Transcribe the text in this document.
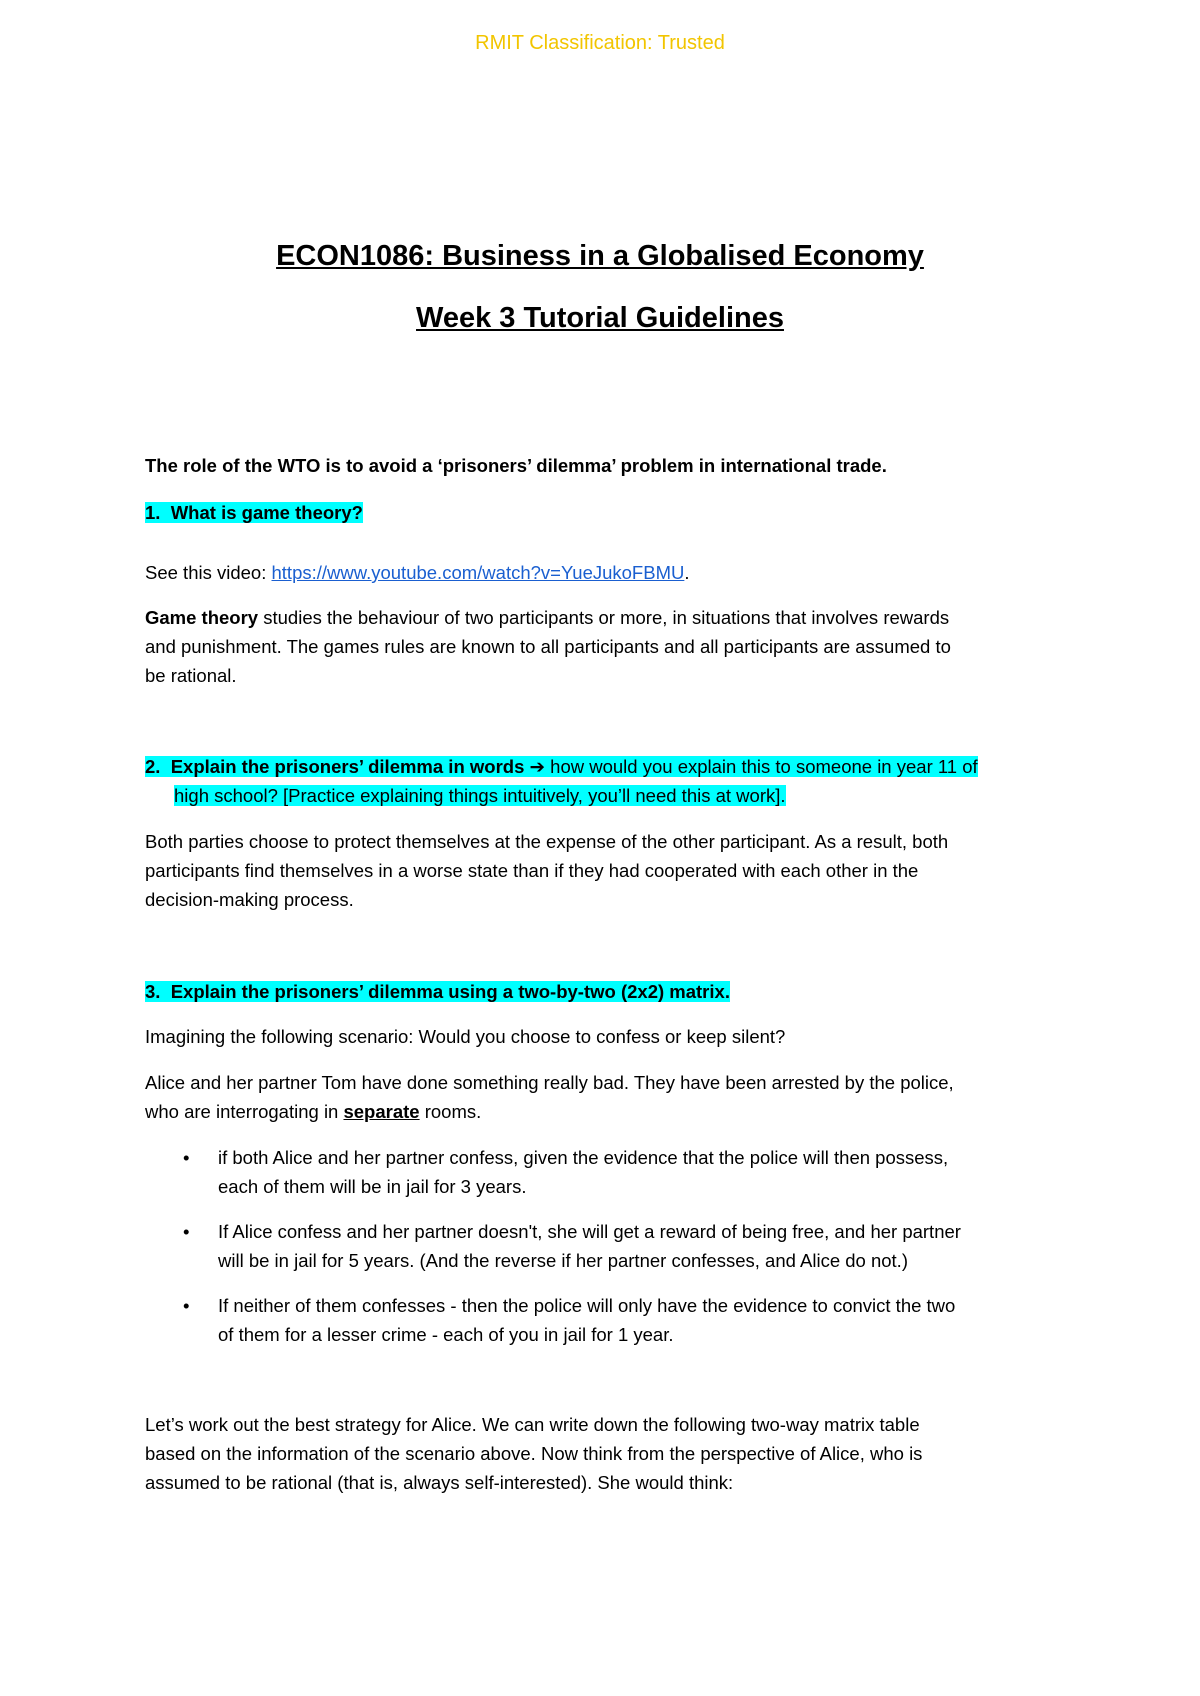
RMIT Classification: Trusted
ECON1086: Business in a Globalised Economy
Week 3 Tutorial Guidelines
The role of the WTO is to avoid a ‘prisoners’ dilemma’ problem in international trade.
1. What is game theory?
See this video: https://www.youtube.com/watch?v=YueJukoFBMU.
Game theory studies the behaviour of two participants or more, in situations that involves rewards
and punishment. The games rules are known to all participants and all participants are assumed to
be rational.
2. Explain the prisoners’ dilemma in words ➔ how would you explain this to someone in year 11 of
high school? [Practice explaining things intuitively, you’ll need this at work].
Both parties choose to protect themselves at the expense of the other participant. As a result, both
participants find themselves in a worse state than if they had cooperated with each other in the
decision-making process.
3. Explain the prisoners’ dilemma using a two-by-two (2x2) matrix.
Imagining the following scenario: Would you choose to confess or keep silent?
Alice and her partner Tom have done something really bad. They have been arrested by the police,
who are interrogating in separate rooms.
• if both Alice and her partner confess, given the evidence that the police will then possess,
each of them will be in jail for 3 years.
• If Alice confess and her partner doesn't, she will get a reward of being free, and her partner
will be in jail for 5 years. (And the reverse if her partner confesses, and Alice do not.)
• If neither of them confesses - then the police will only have the evidence to convict the two
of them for a lesser crime - each of you in jail for 1 year.
Let’s work out the best strategy for Alice. We can write down the following two-way matrix table
based on the information of the scenario above. Now think from the perspective of Alice, who is
assumed to be rational (that is, always self-interested). She would think:
